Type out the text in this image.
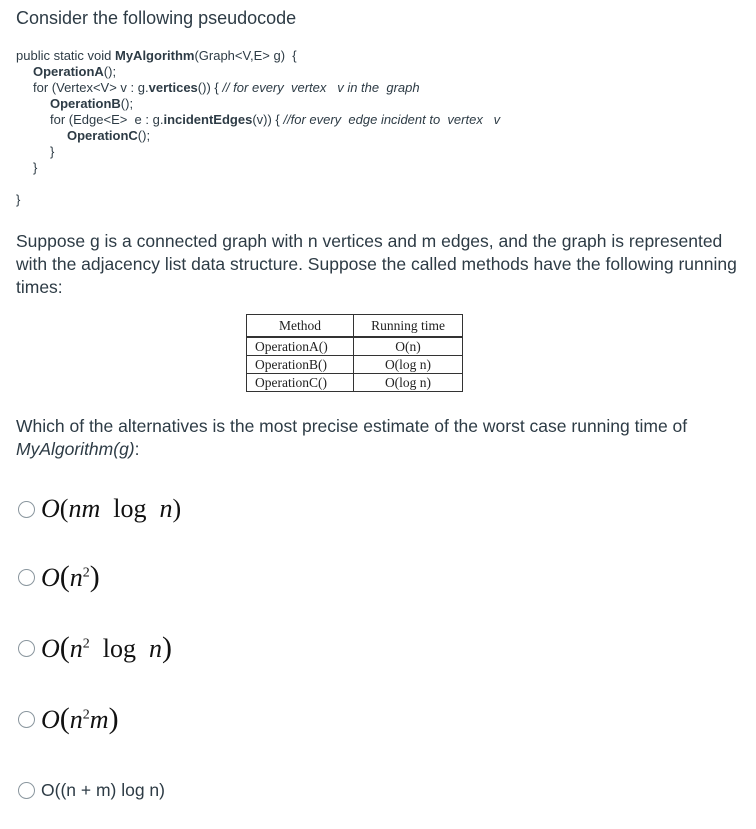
Consider the following pseudocode
public static void MyAlgorithm(Graph<V,E> g)  {
OperationA();
for (Vertex<V> v : g.vertices()) { // for every  vertex   v in the  graph
OperationB();
for (Edge<E>  e : g.incidentEdges(v)) { //for every  edge incident to  vertex   v
OperationC();
}
}
}
Suppose g is a connected graph with n vertices and m edges, and the graph is represented with the adjacency list data structure. Suppose the called methods have the following running times:
Method	Running time
OperationA()	O(n)
OperationB()	O(log n)
OperationC()	O(log n)
Which of the alternatives is the most precise estimate of the worst case running time of MyAlgorithm(g):
O(nm log n)
$O(n^2)$
$O(n^2$ log n)
$O(n^2m)$
O((n + m) log n)
